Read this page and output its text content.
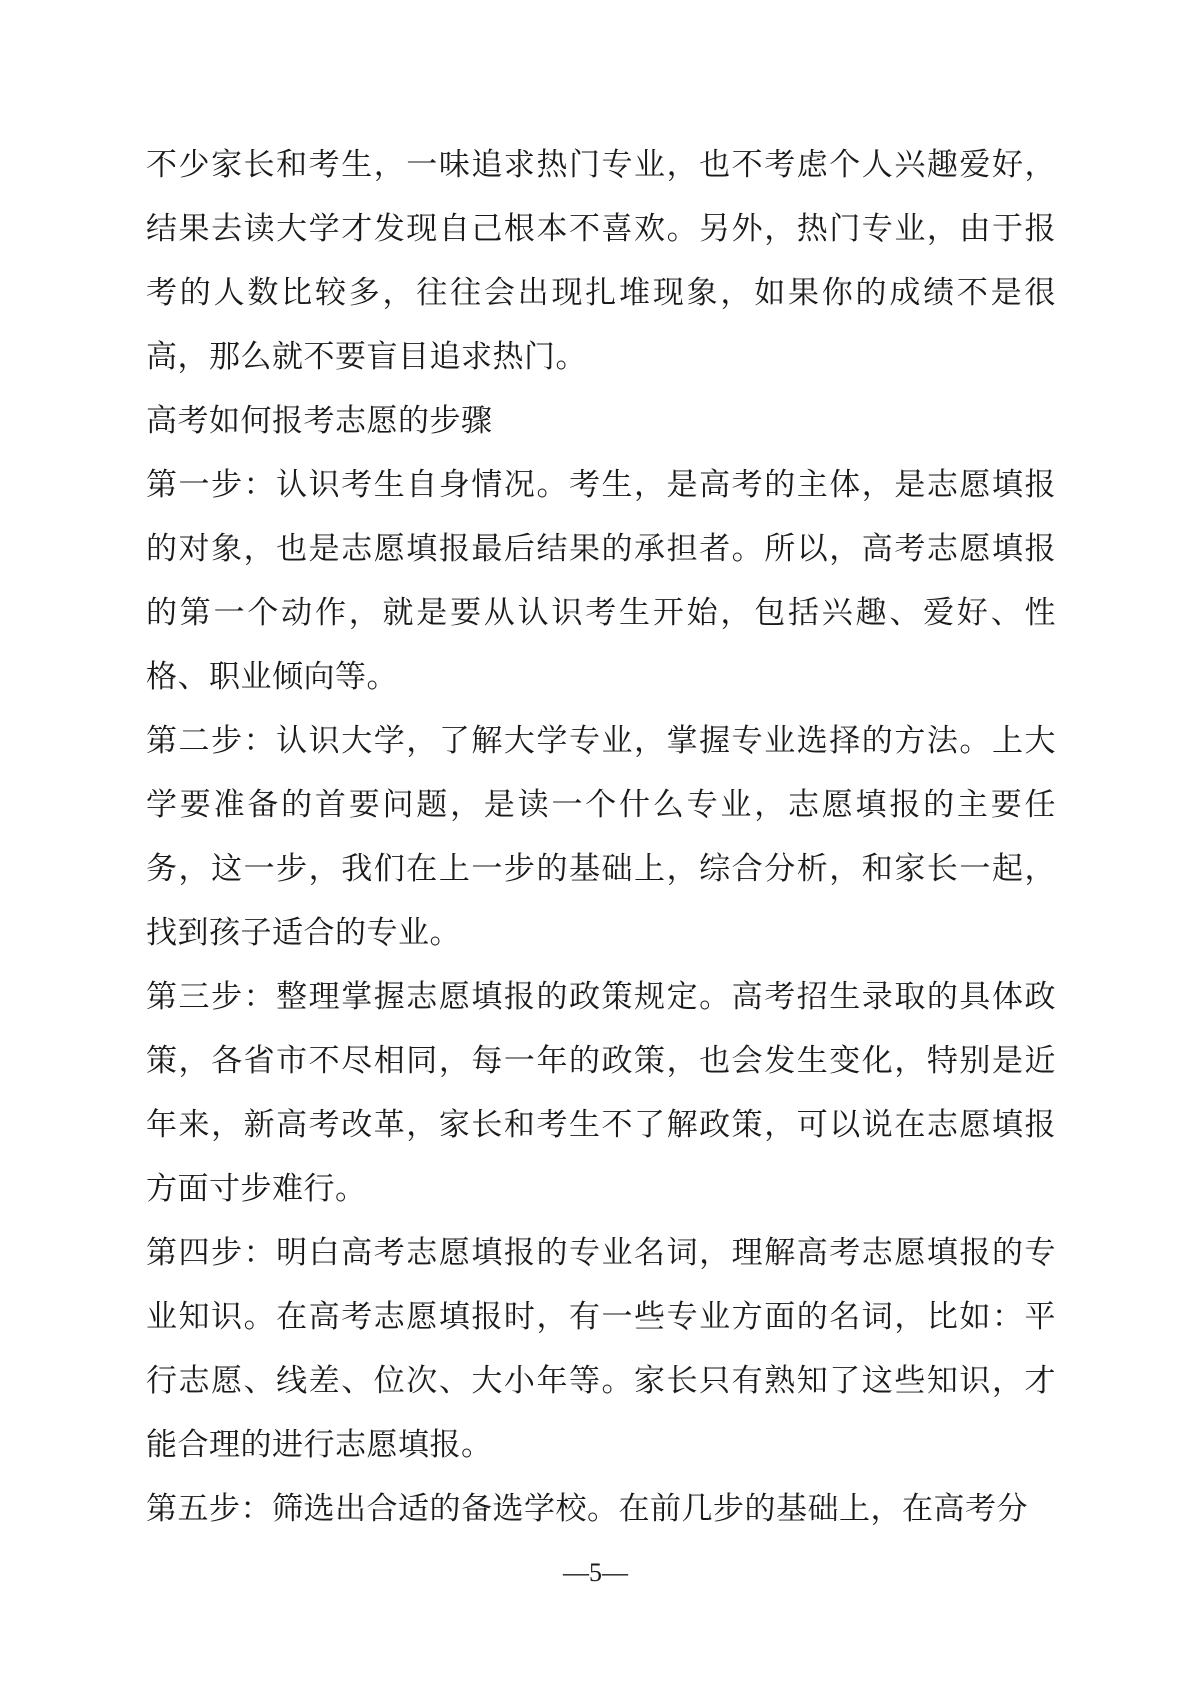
不少家长和考生，一味追求热门专业，也不考虑个人兴趣爱好，结果去读大学才发现自己根本不喜欢。另外，热门专业，由于报考的人数比较多，往往会出现扎堆现象，如果你的成绩不是很高，那么就不要盲目追求热门。

高考如何报考志愿的步骤

第一步：认识考生自身情况。考生，是高考的主体，是志愿填报的对象，也是志愿填报最后结果的承担者。所以，高考志愿填报的第一个动作，就是要从认识考生开始，包括兴趣、爱好、性格、职业倾向等。

第二步：认识大学，了解大学专业，掌握专业选择的方法。上大学要准备的首要问题，是读一个什么专业，志愿填报的主要任务，这一步，我们在上一步的基础上，综合分析，和家长一起，找到孩子适合的专业。

第三步：整理掌握志愿填报的政策规定。高考招生录取的具体政策，各省市不尽相同，每一年的政策，也会发生变化，特别是近年来，新高考改革，家长和考生不了解政策，可以说在志愿填报方面寸步难行。

第四步：明白高考志愿填报的专业名词，理解高考志愿填报的专业知识。在高考志愿填报时，有一些专业方面的名词，比如：平行志愿、线差、位次、大小年等。家长只有熟知了这些知识，才能合理的进行志愿填报。

第五步：筛选出合适的备选学校。在前几步的基础上，在高考分

—5—
